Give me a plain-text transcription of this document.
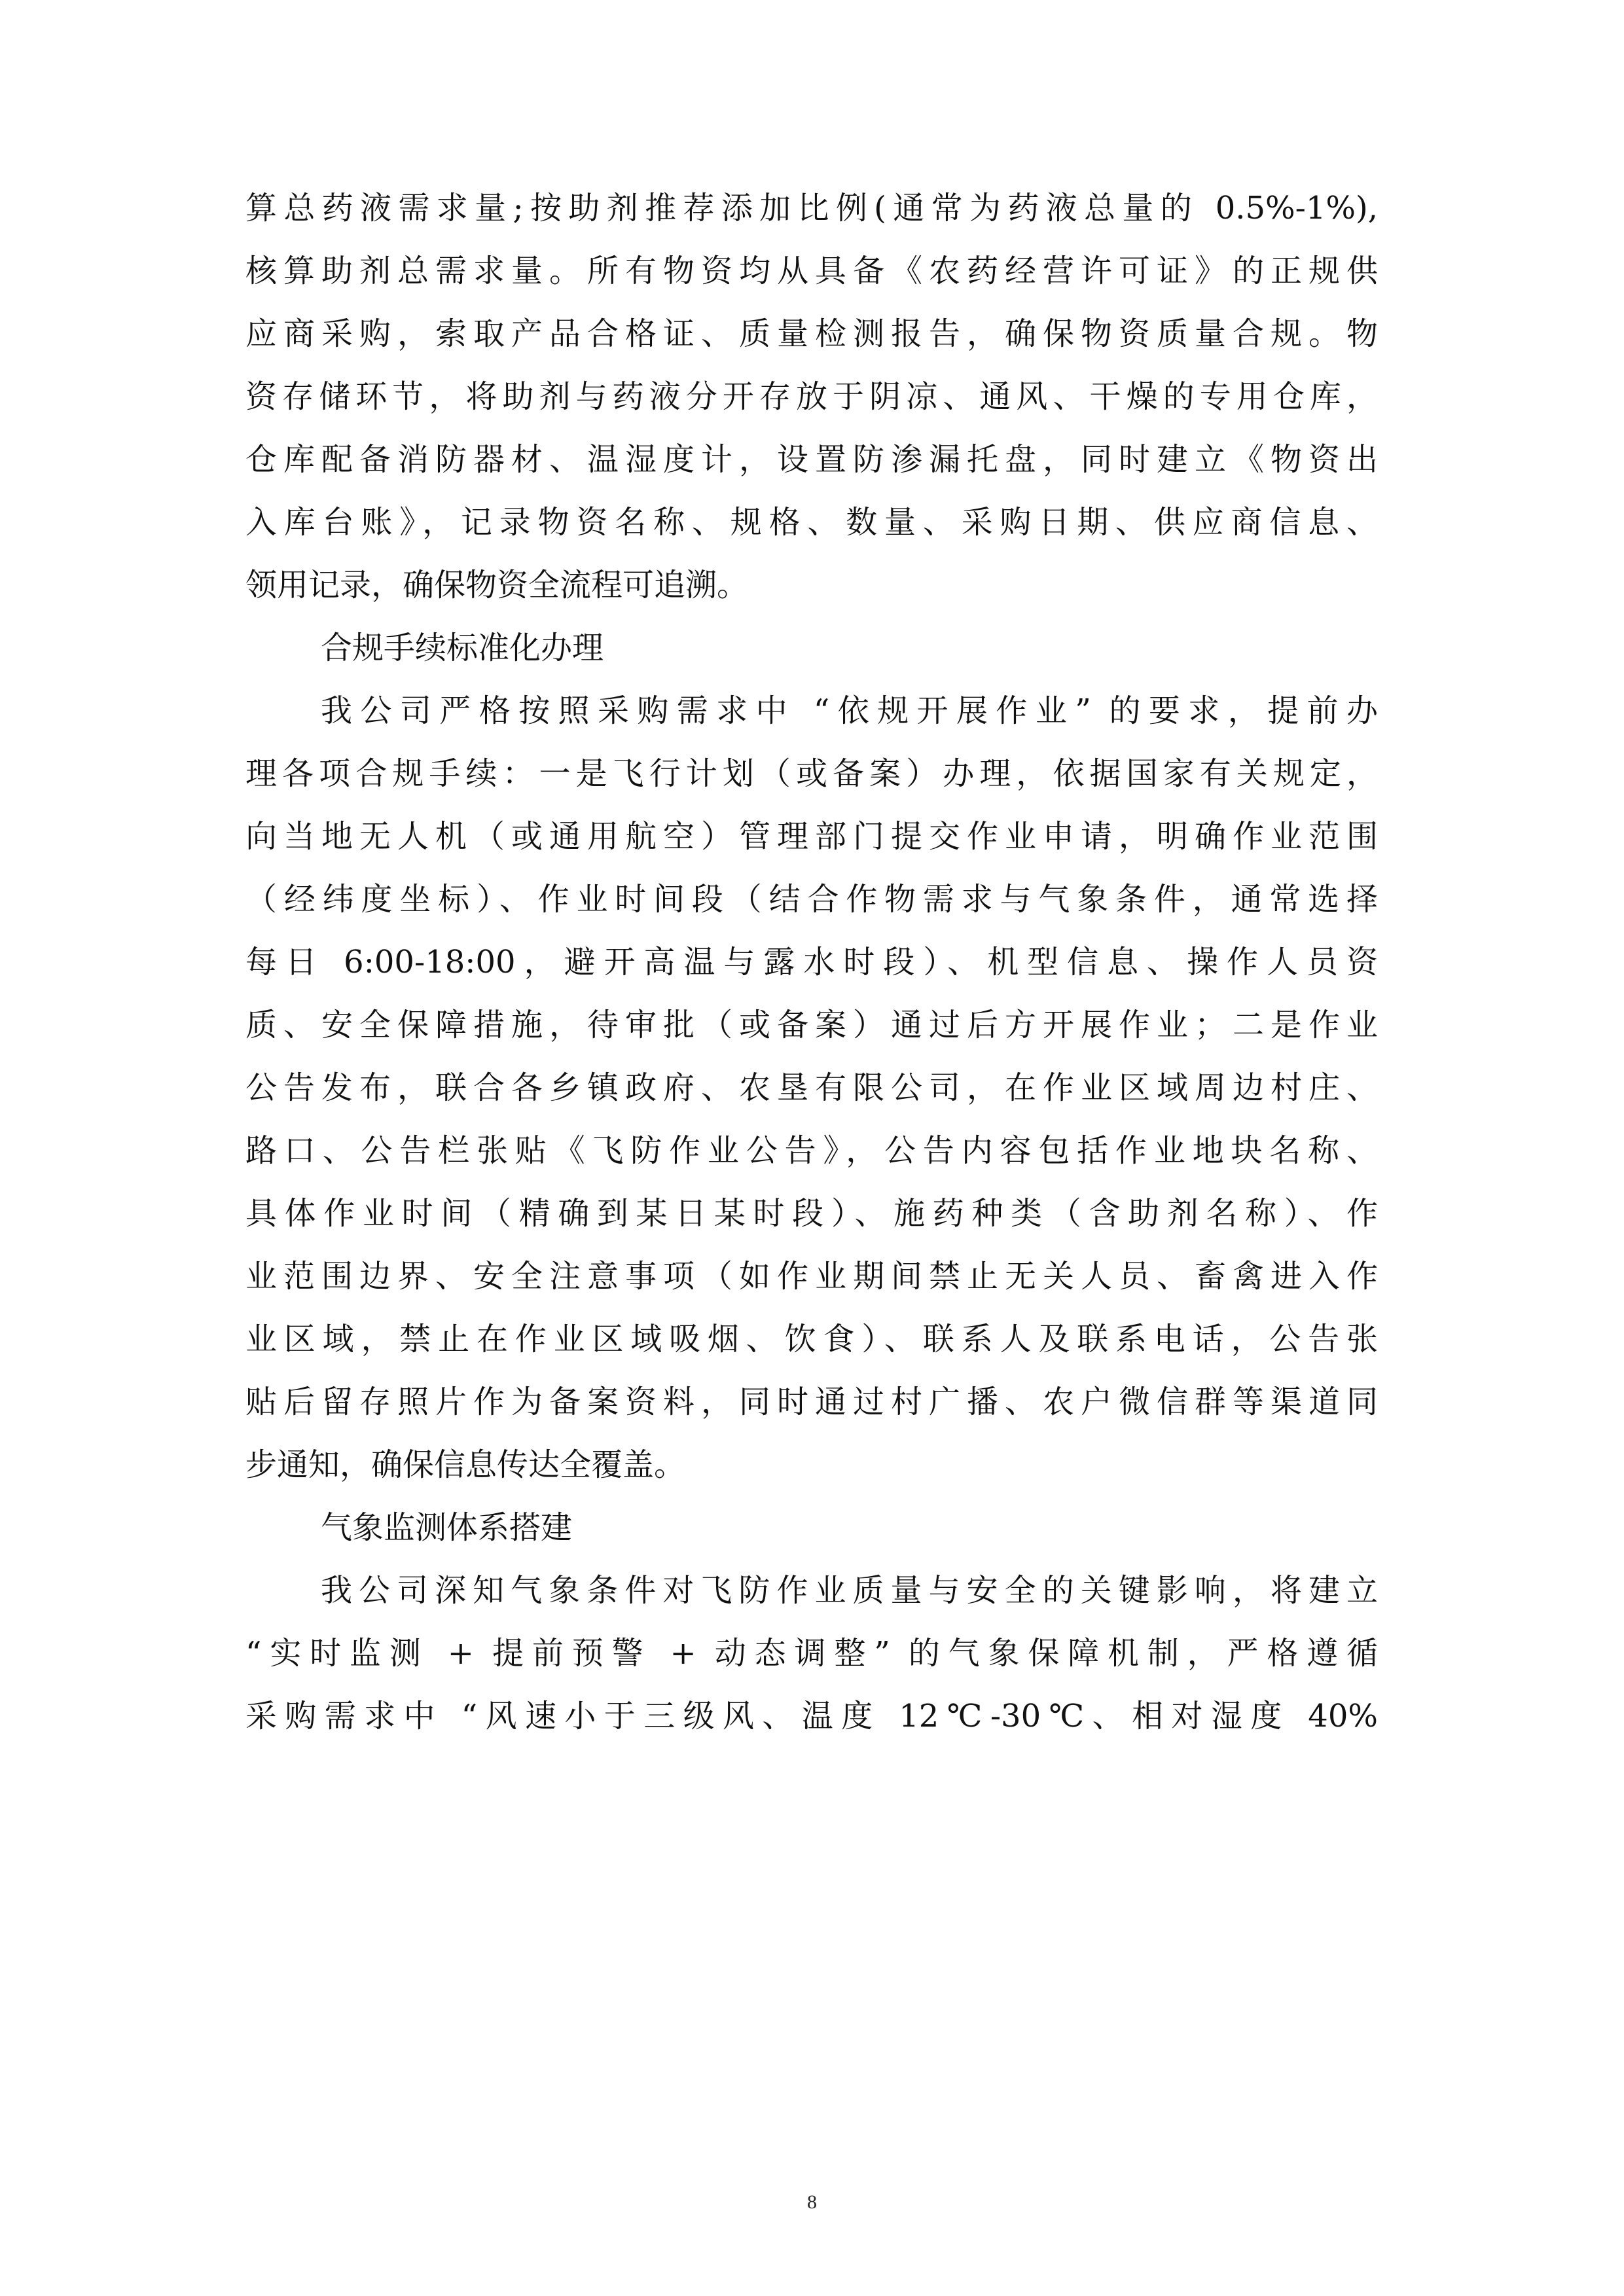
算总药液需求量;按助剂推荐添加比例(通常为药液总量的 0.5%-1%),
核算助剂总需求量。所有物资均从具备《农药经营许可证》的正规供
应商采购，索取产品合格证、质量检测报告，确保物资质量合规。物
资存储环节，将助剂与药液分开存放于阴凉、通风、干燥的专用仓库，
仓库配备消防器材、温湿度计，设置防渗漏托盘，同时建立《物资出
入库台账》，记录物资名称、规格、数量、采购日期、供应商信息、
领用记录，确保物资全流程可追溯。
合规手续标准化办理
我公司严格按照采购需求中 “依规开展作业” 的要求，提前办
理各项合规手续：一是飞行计划（或备案）办理，依据国家有关规定，
向当地无人机（或通用航空）管理部门提交作业申请，明确作业范围
（经纬度坐标）、作业时间段（结合作物需求与气象条件，通常选择
每日 6:00-18:00，避开高温与露水时段）、机型信息、操作人员资
质、安全保障措施，待审批（或备案）通过后方开展作业；二是作业
公告发布，联合各乡镇政府、农垦有限公司，在作业区域周边村庄、
路口、公告栏张贴《飞防作业公告》，公告内容包括作业地块名称、
具体作业时间（精确到某日某时段）、施药种类（含助剂名称）、作
业范围边界、安全注意事项（如作业期间禁止无关人员、畜禽进入作
业区域，禁止在作业区域吸烟、饮食）、联系人及联系电话，公告张
贴后留存照片作为备案资料，同时通过村广播、农户微信群等渠道同
步通知，确保信息传达全覆盖。
气象监测体系搭建
我公司深知气象条件对飞防作业质量与安全的关键影响，将建立
“实时监测 + 提前预警 + 动态调整” 的气象保障机制，严格遵循
采购需求中 “风速小于三级风、温度 12℃-30℃、相对湿度 40%
8
